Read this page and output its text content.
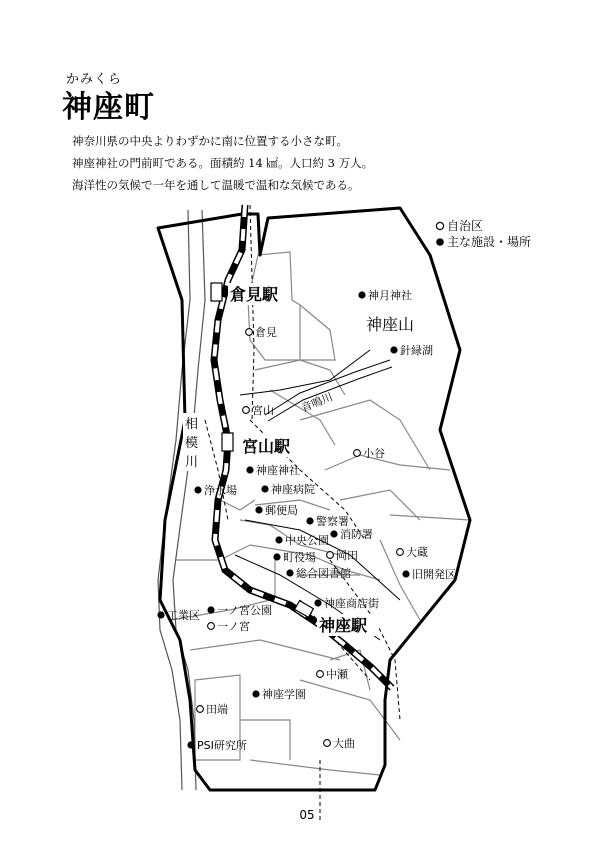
かみくら
神座町
神奈川県の中央よりわずかに南に位置する小さな町。
神座神社の門前町である。面積約 14 ㎢。人口約 3 万人。
海洋性の気候で一年を通して温暖で温和な気候である。
倉見駅
宮山駅
神座駅
神座山
相
模
川
音鳴川
自治区
主な施設・場所
神月神社
針緑湖
神座神社
浄水場	神座病院
郵便局
警察署
消防署
中央公園
町役場
総合図書館	旧開発区
神座商店街
工業区 一ノ宮公園
神座学園
PSI研究所
倉見
宮山
小谷
岡田	大蔵
一ノ宮
中瀬
田端
大曲
05
